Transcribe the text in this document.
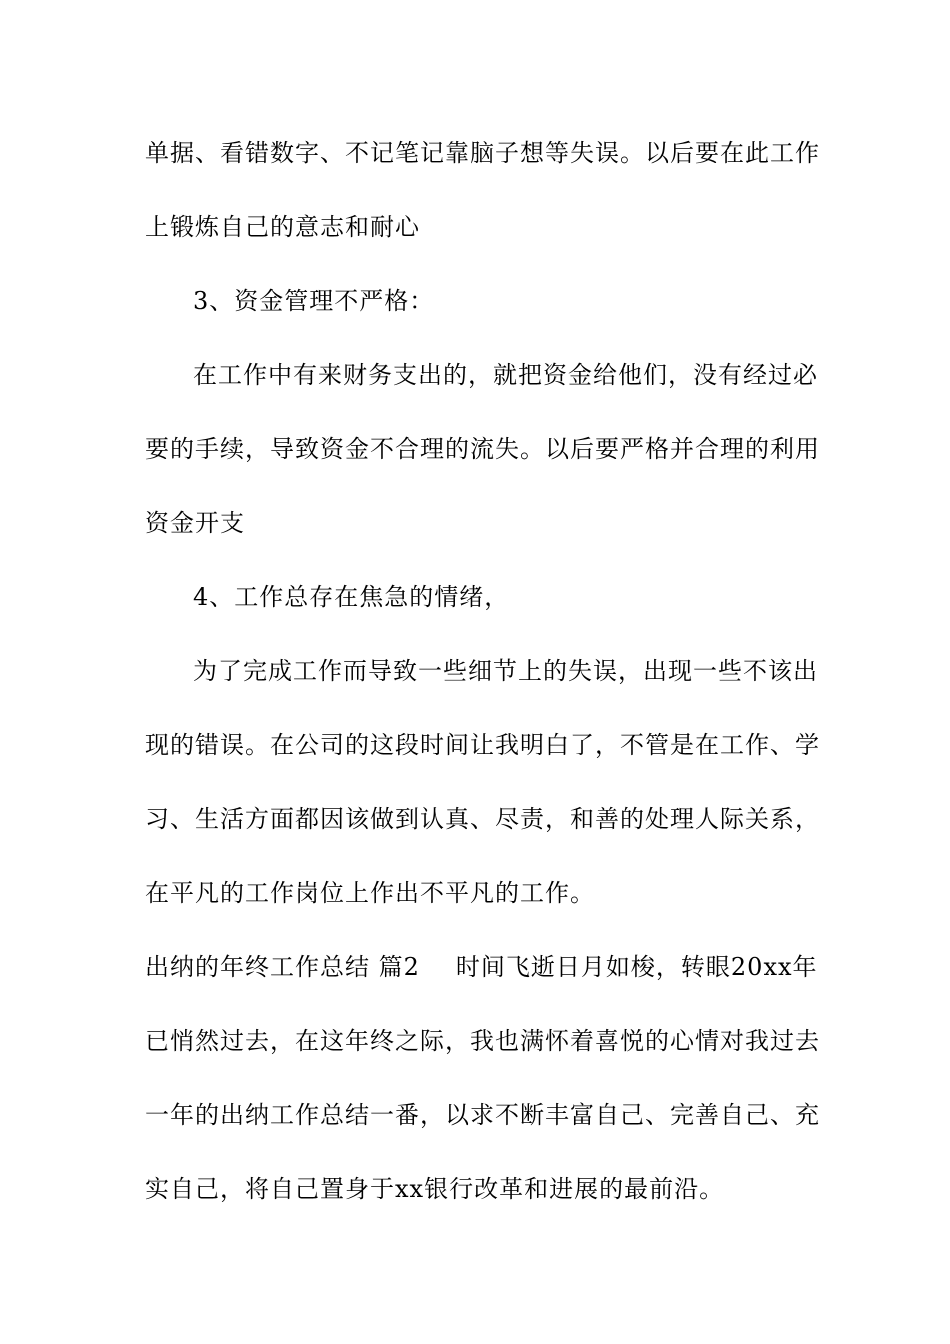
单据、看错数字、不记笔记靠脑子想等失误。以后要在此工作
上锻炼自己的意志和耐心
3、资金管理不严格：
在工作中有来财务支出的，就把资金给他们，没有经过必
要的手续，导致资金不合理的流失。以后要严格并合理的利用
资金开支
4、工作总存在焦急的情绪，
为了完成工作而导致一些细节上的失误，出现一些不该出
现的错误。在公司的这段时间让我明白了，不管是在工作、学
习、生活方面都因该做到认真、尽责，和善的处理人际关系，
在平凡的工作岗位上作出不平凡的工作。
出纳的年终工作总结 篇2 时间飞逝日月如梭，转眼20xx年
已悄然过去，在这年终之际，我也满怀着喜悦的心情对我过去
一年的出纳工作总结一番，以求不断丰富自己、完善自己、充
实自己，将自己置身于xx银行改革和进展的最前沿。
